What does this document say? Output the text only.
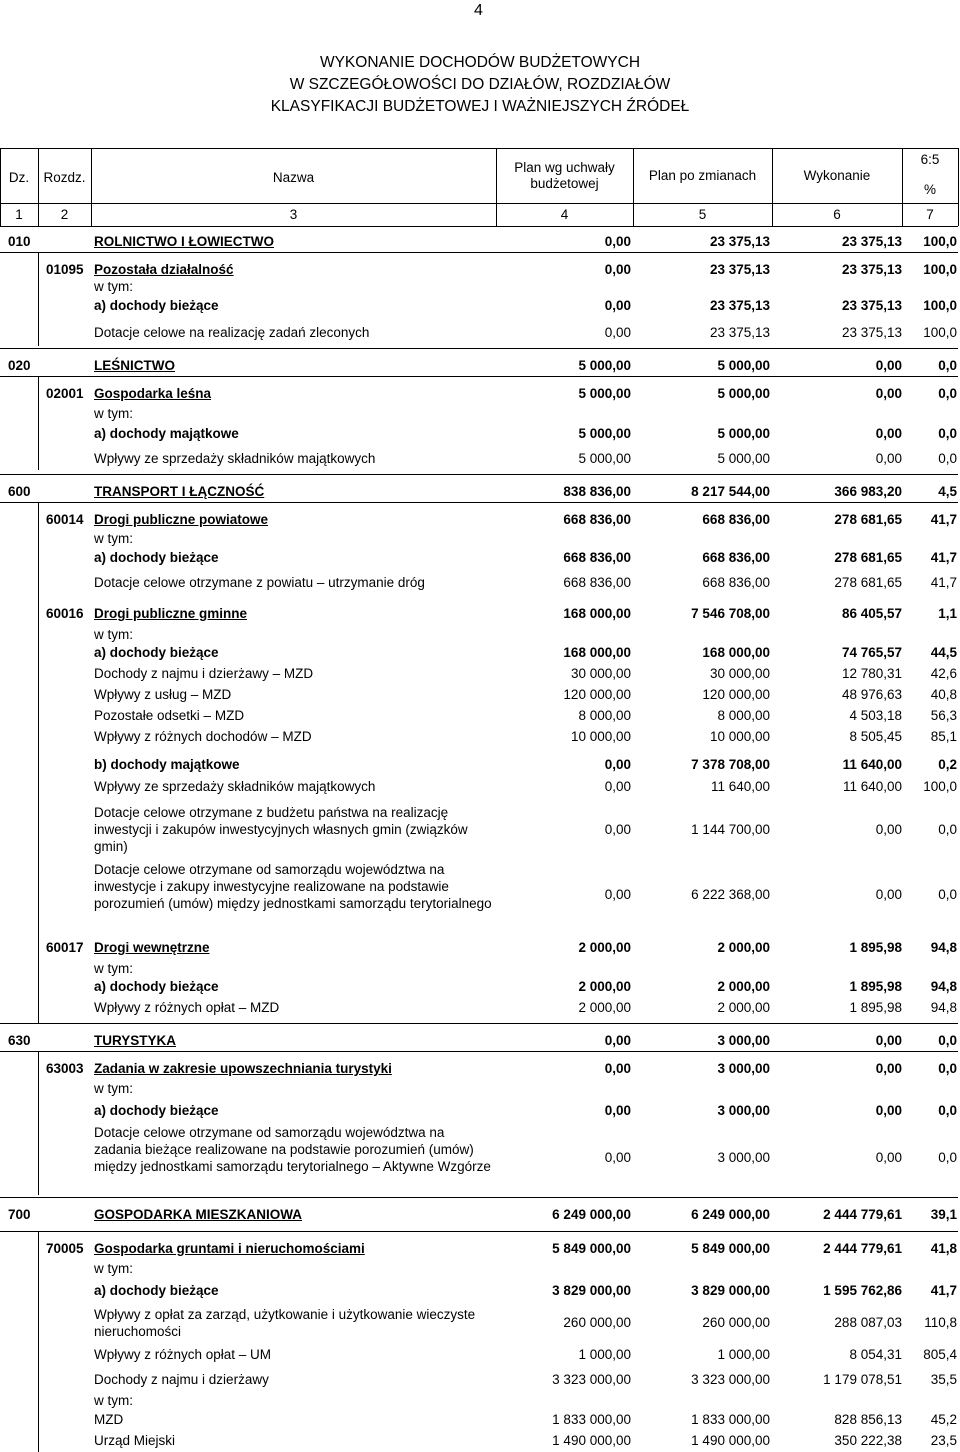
4
WYKONANIE DOCHODÓW BUDŻETOWYCH
W SZCZEGÓŁOWOŚCI DO DZIAŁÓW, ROZDZIAŁÓW
KLASYFIKACJI BUDŻETOWEJ I WAŻNIEJSZYCH ŹRÓDEŁ
Dz.	Rozdz.	Nazwa
Plan wg uchwały
budżetowej
Plan po zmianach	Wykonanie
6:5
%
1	2	3	4	5	6	7
010	ROLNICTWO I ŁOWIECTWO	0,00	23 375,13	23 375,13 100,0
01095 Pozostała działalność	0,00	23 375,13	23 375,13 100,0
w tym:
a) dochody bieżące	0,00	23 375,13	23 375,13 100,0
Dotacje celowe na realizację zadań zleconych	0,00	23 375,13	23 375,13 100,0
020	LEŚNICTWO	5 000,00	5 000,00	0,00	0,0
02001 Gospodarka leśna	5 000,00	5 000,00	0,00	0,0
w tym:
a) dochody majątkowe	5 000,00	5 000,00	0,00	0,0
Wpływy ze sprzedaży składników majątkowych	5 000,00	5 000,00	0,00	0,0
600	TRANSPORT I ŁĄCZNOŚĆ	838 836,00	8 217 544,00	366 983,20	4,5
60014 Drogi publiczne powiatowe	668 836,00	668 836,00	278 681,65 41,7
w tym:
a) dochody bieżące	668 836,00	668 836,00	278 681,65 41,7
Dotacje celowe otrzymane z powiatu – utrzymanie dróg	668 836,00	668 836,00	278 681,65 41,7
60016 Drogi publiczne gminne	168 000,00	7 546 708,00	86 405,57	1,1
w tym:
a) dochody bieżące	168 000,00	168 000,00	74 765,57 44,5
Dochody z najmu i dzierżawy – MZD	30 000,00	30 000,00	12 780,31 42,6
Wpływy z usług – MZD	120 000,00	120 000,00	48 976,63 40,8
Pozostałe odsetki – MZD	8 000,00	8 000,00	4 503,18 56,3
Wpływy z różnych dochodów – MZD	10 000,00	10 000,00	8 505,45 85,1
b) dochody majątkowe	0,00	7 378 708,00	11 640,00	0,2
Wpływy ze sprzedaży składników majątkowych	0,00	11 640,00	11 640,00 100,0
Dotacje celowe otrzymane z budżetu państwa na realizację inwestycji i zakupów inwestycyjnych własnych gmin (związków gmin)
0,00	1 144 700,00	0,00	0,0
Dotacje celowe otrzymane od samorządu województwa na inwestycje i zakupy inwestycyjne realizowane na podstawie porozumień (umów) między jednostkami samorządu terytorialnego
0,00	6 222 368,00	0,00	0,0
60017 Drogi wewnętrzne	2 000,00	2 000,00	1 895,98 94,8
w tym:
a) dochody bieżące	2 000,00	2 000,00	1 895,98 94,8
Wpływy z różnych opłat – MZD	2 000,00	2 000,00	1 895,98 94,8
630	TURYSTYKA	0,00	3 000,00	0,00	0,0
63003 Zadania w zakresie upowszechniania turystyki	0,00	3 000,00	0,00	0,0
w tym:
a) dochody bieżące	0,00	3 000,00	0,00	0,0
Dotacje celowe otrzymane od samorządu województwa na zadania bieżące realizowane na podstawie porozumień (umów) między jednostkami samorządu terytorialnego – Aktywne Wzgórze
0,00	3 000,00	0,00	0,0
700	GOSPODARKA MIESZKANIOWA	6 249 000,00	6 249 000,00	2 444 779,61 39,1
70005 Gospodarka gruntami i nieruchomościami	5 849 000,00	5 849 000,00	2 444 779,61 41,8
w tym:
a) dochody bieżące	3 829 000,00	3 829 000,00	1 595 762,86 41,7
Wpływy z opłat za zarząd, użytkowanie i użytkowanie wieczyste nieruchomości
260 000,00	260 000,00	288 087,03 110,8
Wpływy z różnych opłat – UM	1 000,00	1 000,00	8 054,31 805,4
Dochody z najmu i dzierżawy	3 323 000,00	3 323 000,00	1 179 078,51 35,5
w tym:
MZD	1 833 000,00	1 833 000,00	828 856,13 45,2
Urząd Miejski	1 490 000,00	1 490 000,00	350 222,38 23,5
